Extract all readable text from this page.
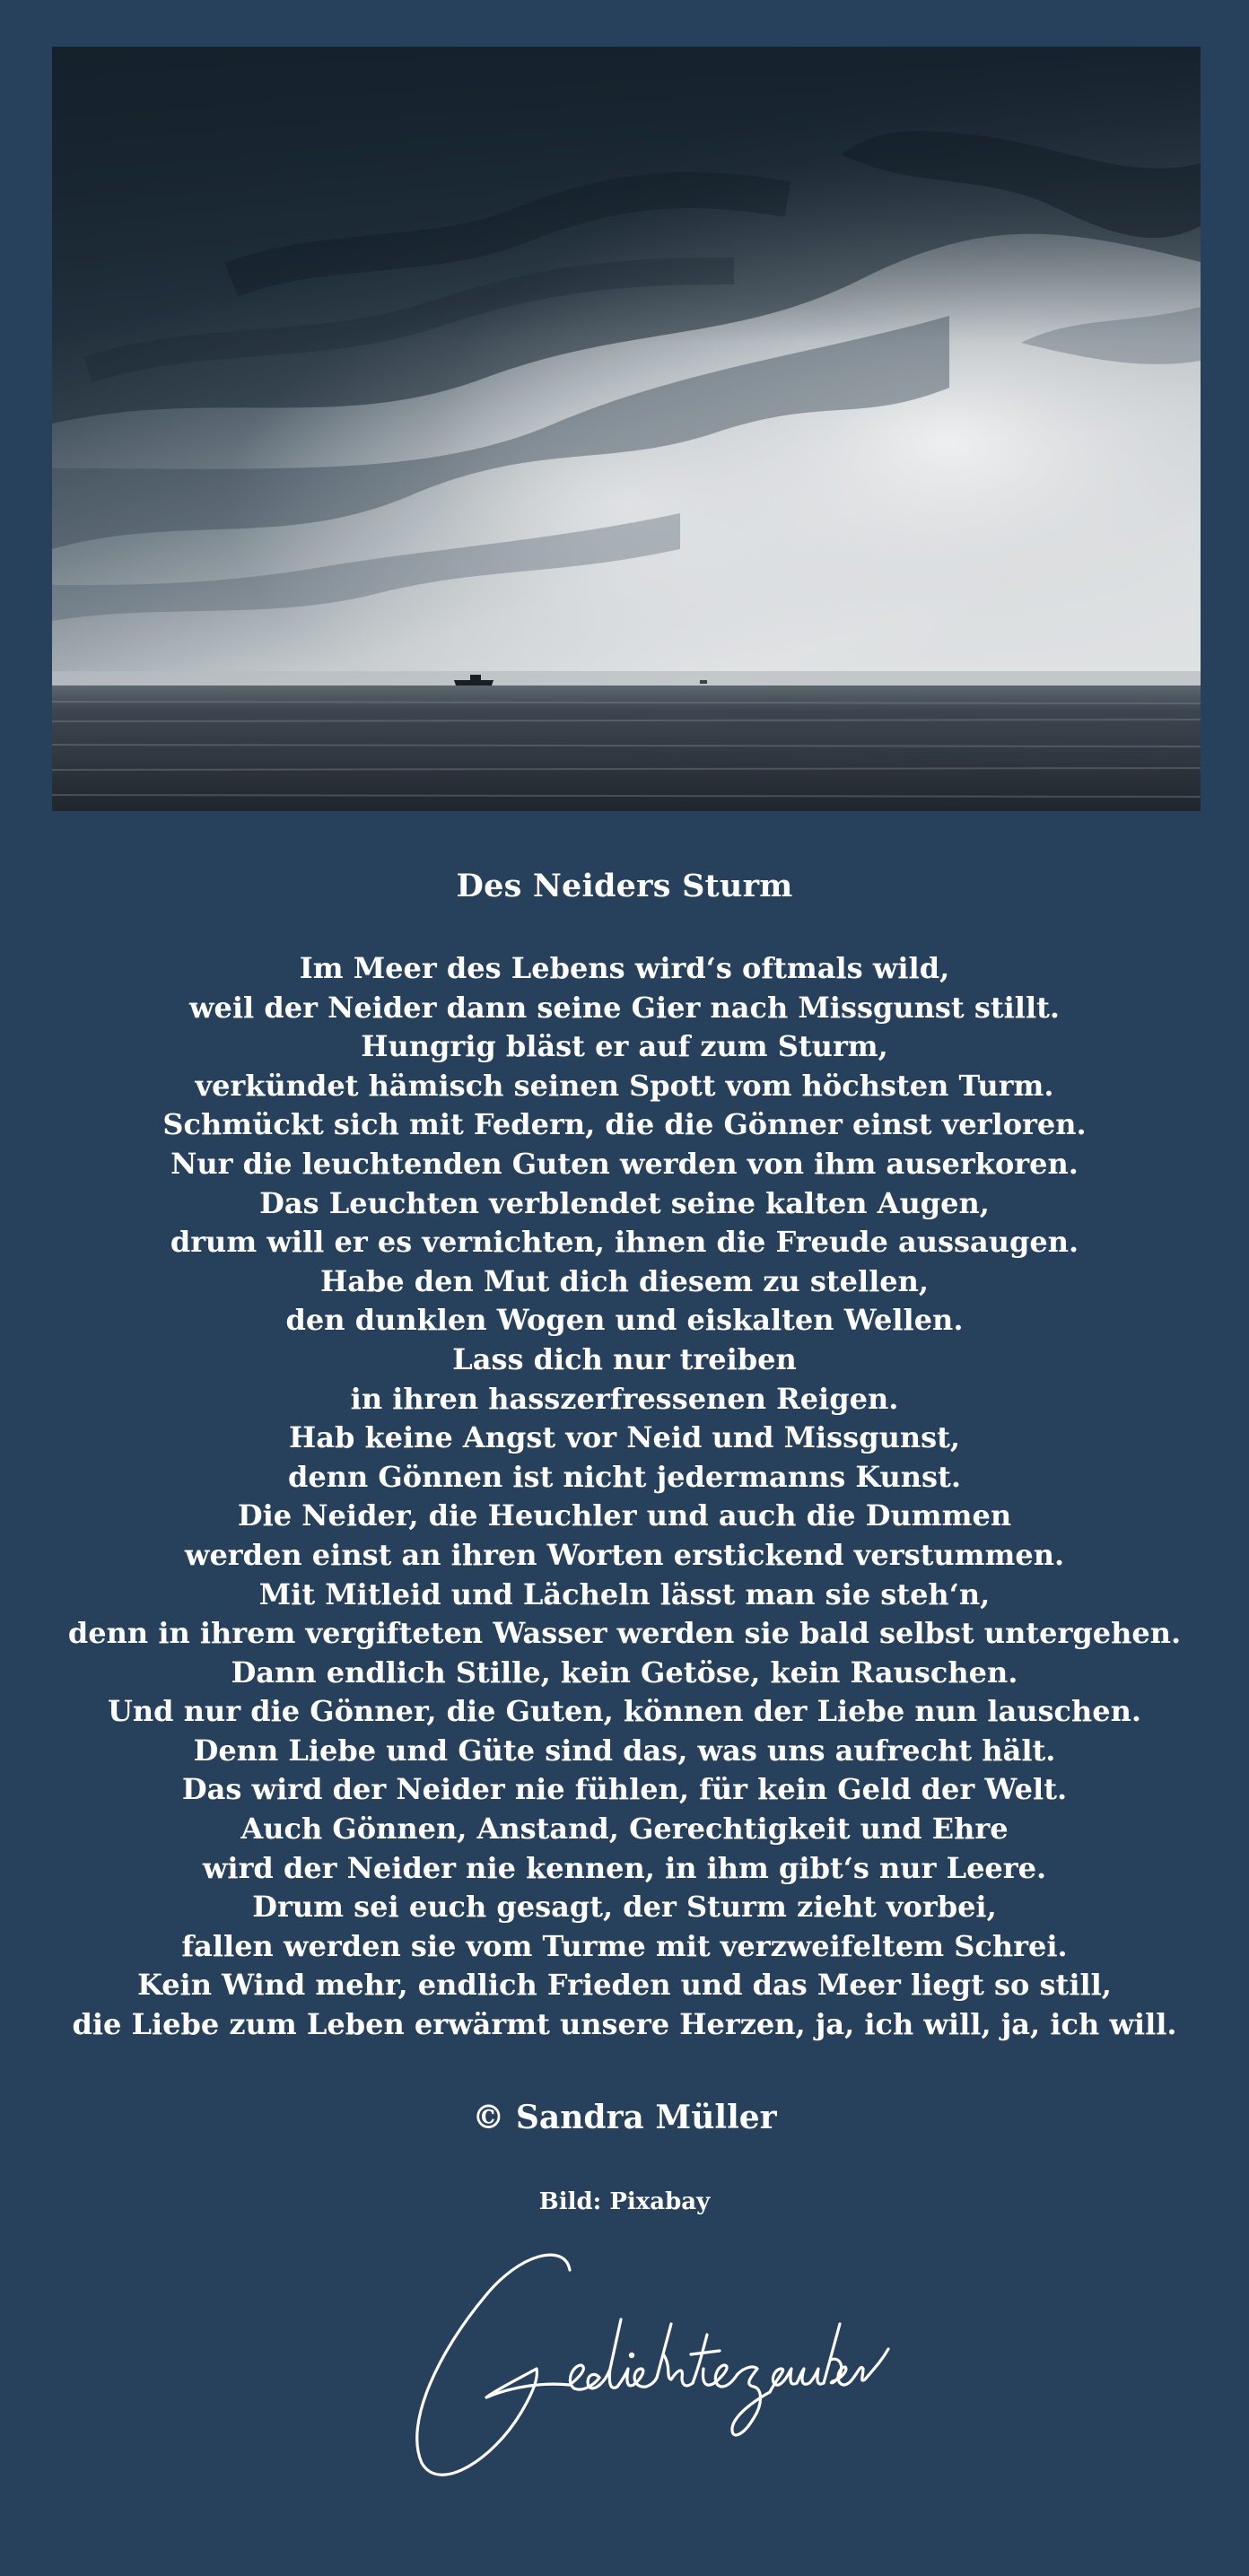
Des Neiders Sturm
Im Meer des Lebens wird‘s oftmals wild,
weil der Neider dann seine Gier nach Missgunst stillt.
Hungrig bläst er auf zum Sturm,
verkündet hämisch seinen Spott vom höchsten Turm.
Schmückt sich mit Federn, die die Gönner einst verloren.
Nur die leuchtenden Guten werden von ihm auserkoren.
Das Leuchten verblendet seine kalten Augen,
drum will er es vernichten, ihnen die Freude aussaugen.
Habe den Mut dich diesem zu stellen,
den dunklen Wogen und eiskalten Wellen.
Lass dich nur treiben
in ihren hasszerfressenen Reigen.
Hab keine Angst vor Neid und Missgunst,
denn Gönnen ist nicht jedermanns Kunst.
Die Neider, die Heuchler und auch die Dummen
werden einst an ihren Worten erstickend verstummen.
Mit Mitleid und Lächeln lässt man sie steh‘n,
denn in ihrem vergifteten Wasser werden sie bald selbst untergehen.
Dann endlich Stille, kein Getöse, kein Rauschen.
Und nur die Gönner, die Guten, können der Liebe nun lauschen.
Denn Liebe und Güte sind das, was uns aufrecht hält.
Das wird der Neider nie fühlen, für kein Geld der Welt.
Auch Gönnen, Anstand, Gerechtigkeit und Ehre
wird der Neider nie kennen, in ihm gibt‘s nur Leere.
Drum sei euch gesagt, der Sturm zieht vorbei,
fallen werden sie vom Turme mit verzweifeltem Schrei.
Kein Wind mehr, endlich Frieden und das Meer liegt so still,
die Liebe zum Leben erwärmt unsere Herzen, ja, ich will, ja, ich will.
© Sandra Müller
Bild: Pixabay
